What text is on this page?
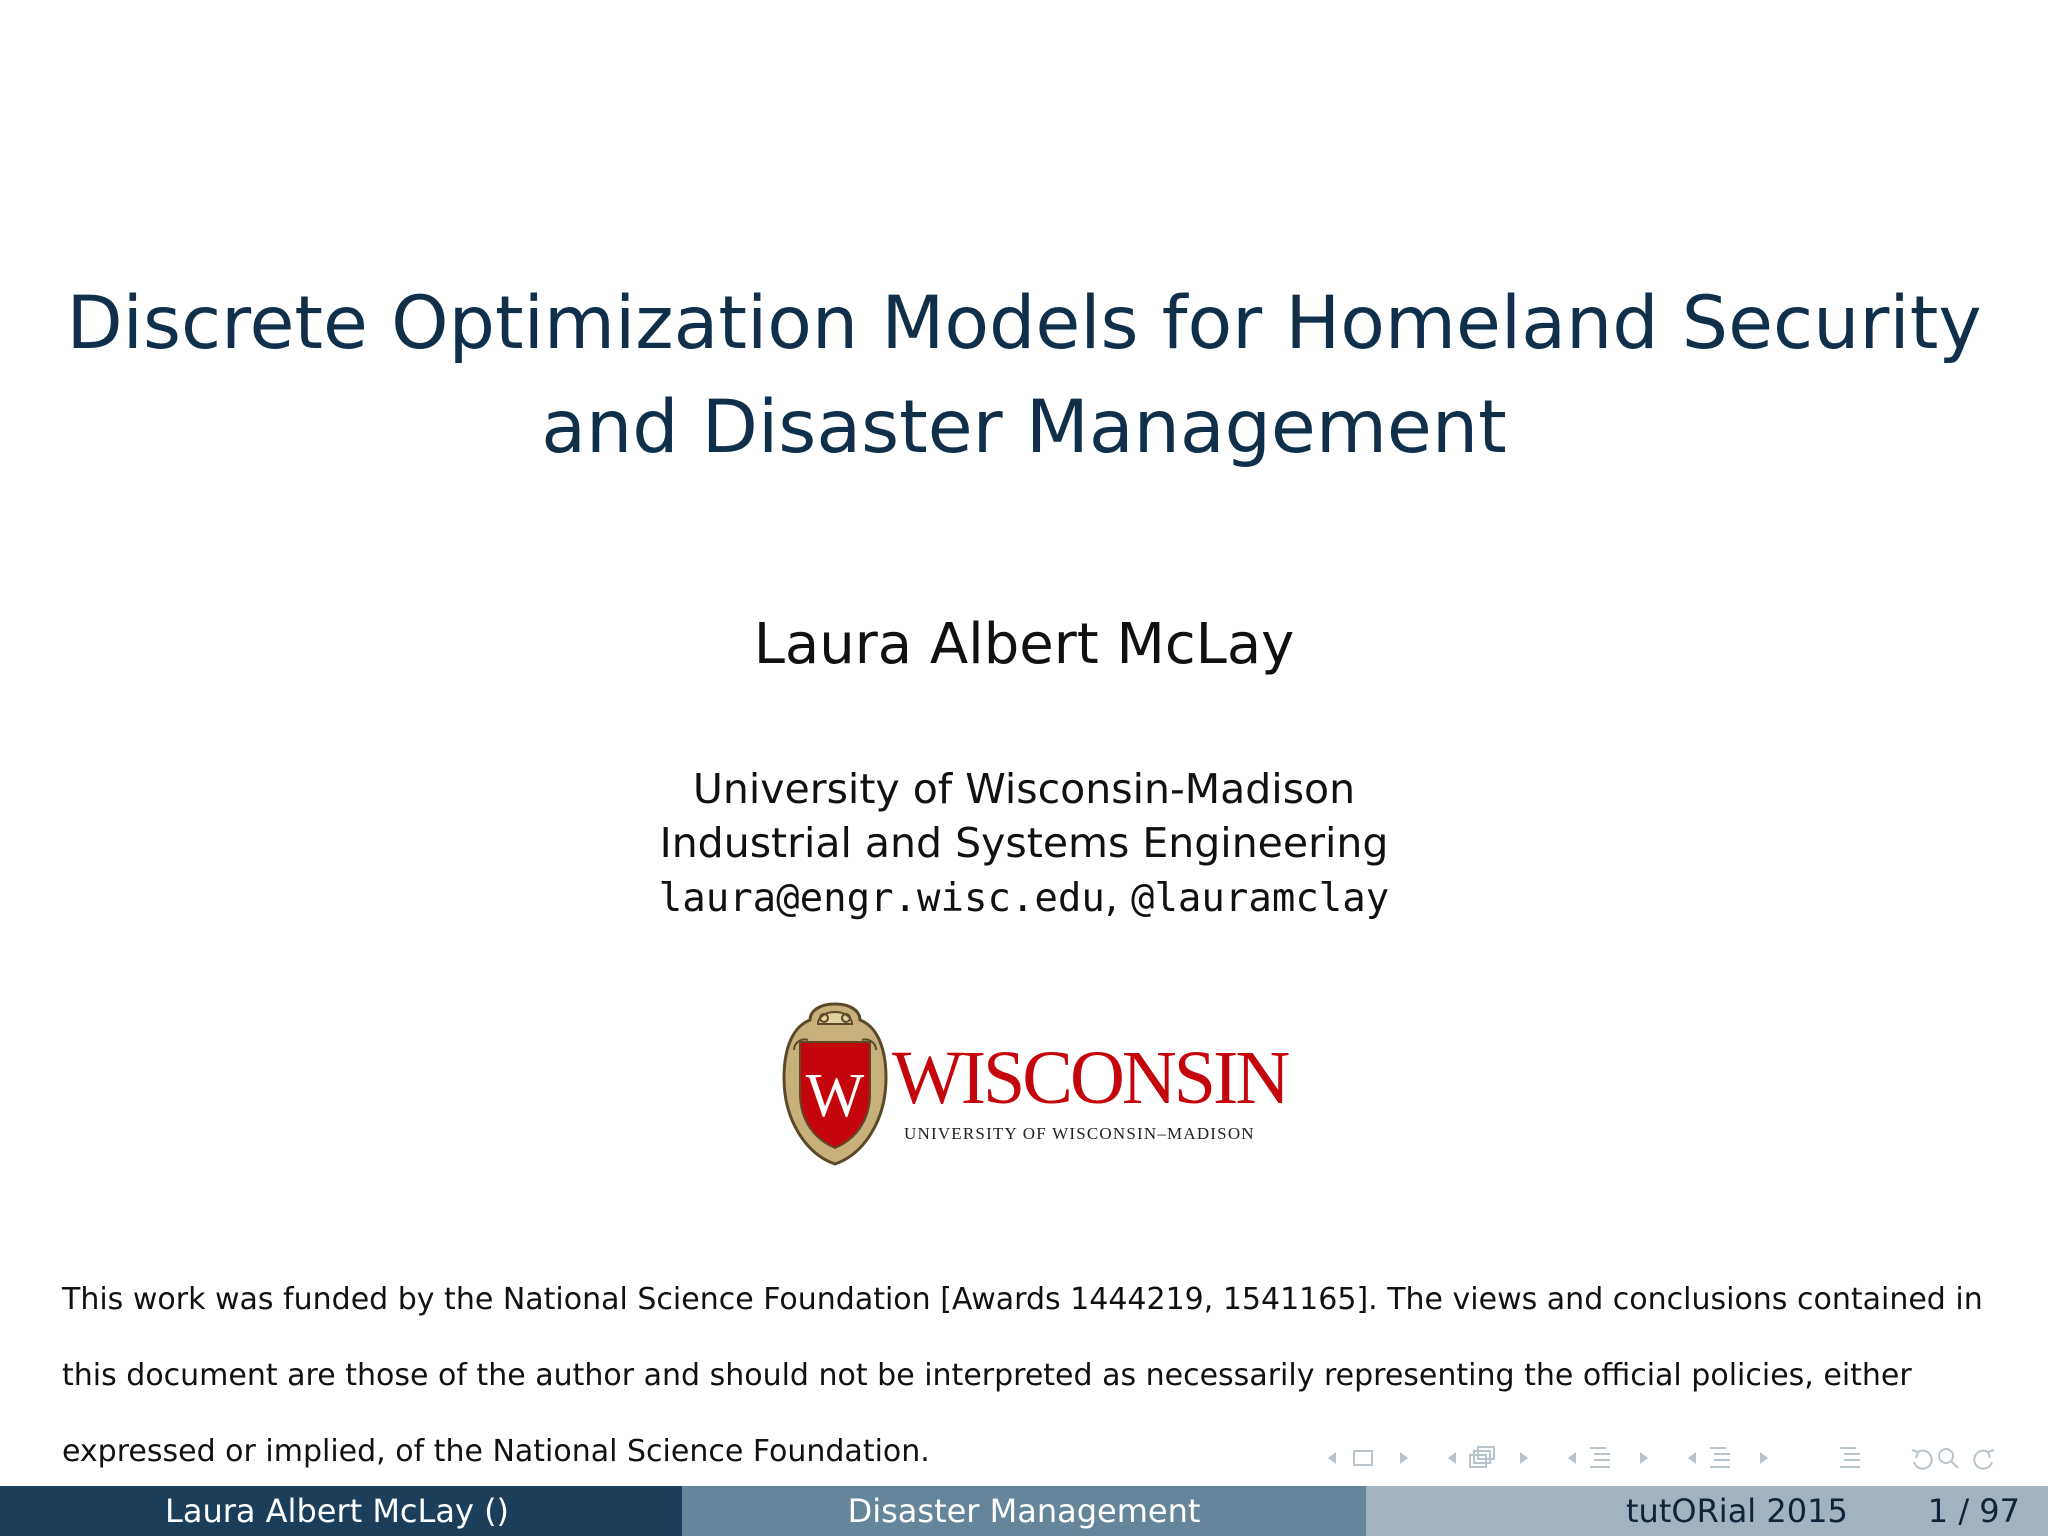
Discrete Optimization Models for Homeland Security
and Disaster Management
Laura Albert McLay
University of Wisconsin-Madison
Industrial and Systems Engineering
laura@engr.wisc.edu, @lauramclay
W WISCONSIN
UNIVERSITY OF WISCONSIN–MADISON
This work was funded by the National Science Foundation [Awards 1444219, 1541165]. The views and conclusions contained in
this document are those of the author and should not be interpreted as necessarily representing the official policies, either
expressed or implied, of the National Science Foundation.
Laura Albert McLay ()	Disaster Management	tutORial 2015	1 / 97
